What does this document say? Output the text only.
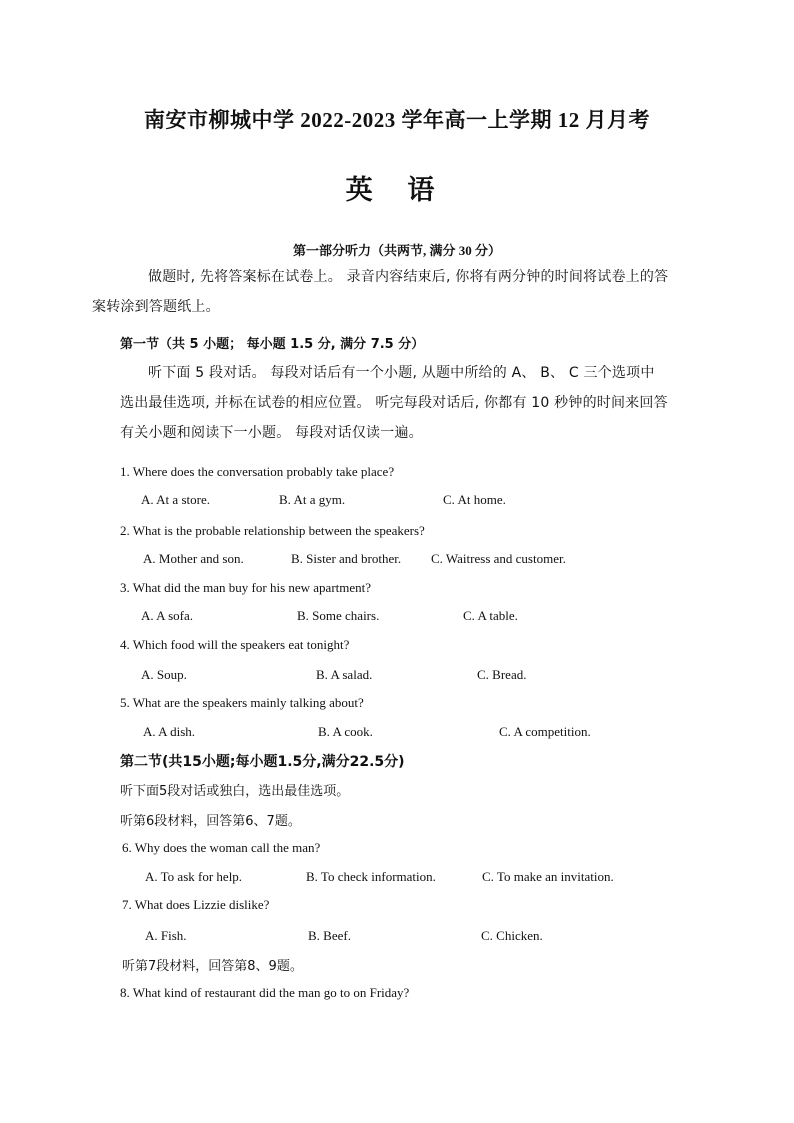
南安市柳城中学 2022-2023 学年高一上学期 12 月月考
英 语
第一部分听力（共两节, 满分 30 分）
做题时, 先将答案标在试卷上。 录音内容结束后, 你将有两分钟的时间将试卷上的答
案转涂到答题纸上。
第一节（共 5 小题； 每小题 1.5 分, 满分 7.5 分）
听下面 5 段对话。 每段对话后有一个小题, 从题中所给的 A、 B、 C 三个选项中
选出最佳选项, 并标在试卷的相应位置。 听完每段对话后, 你都有 10 秒钟的时间来回答
有关小题和阅读下一小题。 每段对话仅读一遍。
1. Where does the conversation probably take place?
A. At a store.	B. At a gym.	C. At home.
2. What is the probable relationship between the speakers?
A. Mother and son.	B. Sister and brother. C. Waitress and customer.
3. What did the man buy for his new apartment?
A. A sofa.	B. Some chairs.	C. A table.
4. Which food will the speakers eat tonight?
A. Soup.	B. A salad.	C. Bread.
5. What are the speakers mainly talking about?
A. A dish.	B. A cook.	C. A competition.
第二节(共15小题;每小题1.5分,满分22.5分)
听下面5段对话或独白，选出最佳选项。
听第6段材料，回答第6、7题。
6. Why does the woman call the man?
A. To ask for help.	B. To check information.	C. To make an invitation.
7. What does Lizzie dislike?
A. Fish.	B. Beef.	C. Chicken.
听第7段材料，回答第8、9题。
8. What kind of restaurant did the man go to on Friday?
